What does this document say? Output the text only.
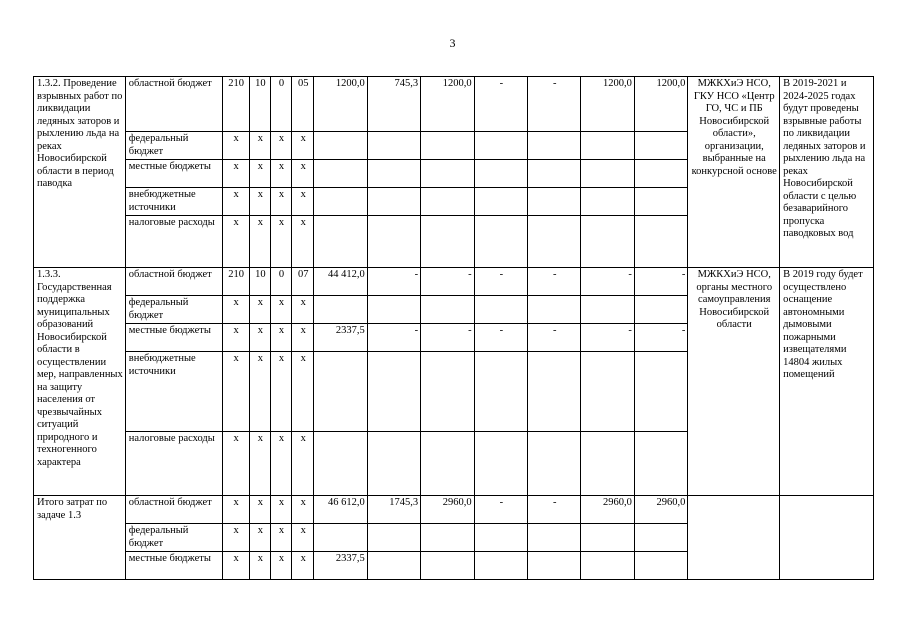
3
1.3.2. Проведение взрывных работ по ликвидации ледяных заторов и рыхлению льда на реках Новосибирской области в период паводка	областной бюджет	210	10	0	05	1200,0	745,3	1200,0	-	-	1200,0	1200,0	МЖКХиЭ НСО, ГКУ НСО «Центр ГО, ЧС и ПБ Новосибирской области», организации, выбранные на конкурсной основе	В 2019-2021 и 2024-2025 годах будут проведены взрывные работы по ликвидации ледяных заторов и рыхлению льда на реках Новосибирской области с целью безаварийного пропуска паводковых вод
	федеральный бюджет	x	x	x	x									
	местные бюджеты	x	x	x	x									
	внебюджетные источники	x	x	x	x									
	налоговые расходы	x	x	x	x									
1.3.3. Государственная поддержка муниципальных образований Новосибирской области в осуществлении мер, направленных на защиту населения от чрезвычайных ситуаций природного и техногенного характера	областной бюджет	210	10	0	07	44 412,0	-	-	-	-	-	-	МЖКХиЭ НСО, органы местного самоуправления Новосибирской области	В 2019 году будет осуществлено оснащение автономными дымовыми пожарными извещателями 14804 жилых помещений
	федеральный бюджет	x	x	x	x									
	местные бюджеты	x	x	x	x	2337,5	-	-	-	-	-	-		
	внебюджетные источники	x	x	x	x									
	налоговые расходы	x	x	x	x									
Итого затрат по задаче 1.3	областной бюджет	x	x	x	x	46 612,0	1745,3	2960,0	-	-	2960,0	2960,0		
	федеральный бюджет	x	x	x	x									
	местные бюджеты	x	x	x	x	2337,5								
